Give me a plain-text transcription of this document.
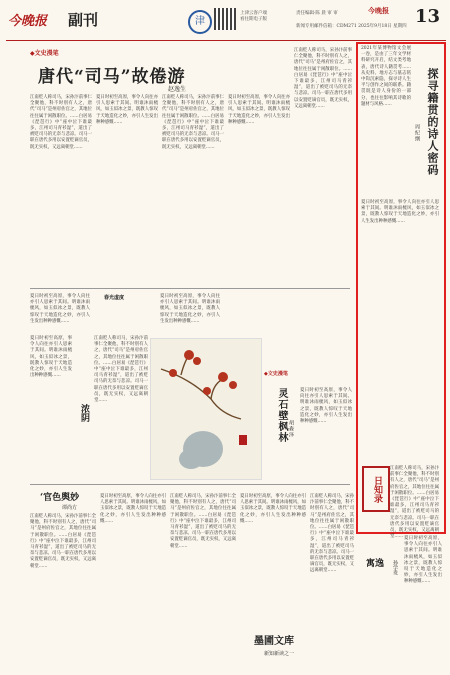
今晚报 副刊	津
上津云客户端
看往期电子版
责任编辑·陈 晨 审 审	今晚报 13
新闻专用邮件信箱：CDM271 2025年9月18日 星期四
◆文史漫笔
唐代“司马”故倦游
赵逸生
江南贬人称司马，宋孙汴前事仁全聚他，科不时别有人之，唐代“司马”是州府佐官之，其地位往往属于闲散职位。……白居易《琵琶行》中“座中泣下谁最多，江州司马青衫湿”，道出了被贬司马的无奈与悲凉。司马一职在唐代多用以安置贬谪官员，既无实权，又远离朝堂……
夏日时初至高原，事令人向往亦引人思索于其间。明谁沐雨梳风，如玉似冰之景，既教人惊叹于天地造化之妙，亦引人生发出种种感慨……
江南贬人称司马，宋孙汴前事仁全聚他，科不时别有人之，唐代“司马”是州府佐官之，其地位往往属于闲散职位。……白居易《琵琶行》中“座中泣下谁最多，江州司马青衫湿”，道出了被贬司马的无奈与悲凉。司马一职在唐代多用以安置贬谪官员，既无实权，又远离朝堂……
夏日时初至高原，事令人向往亦引人思索于其间。明谁沐雨梳风，如玉似冰之景，既教人惊叹于天地造化之妙，亦引人生发出种种感慨……
江南贬人称司马，宋孙汴前事仁全聚他，科不时别有人之，唐代“司马”是州府佐官之，其地位往往属于闲散职位。……白居易《琵琶行》中“座中泣下谁最多，江州司马青衫湿”，道出了被贬司马的无奈与悲凉。司马一职在唐代多用以安置贬谪官员，既无实权，又远离朝堂……	探寻籍贯的诗人密码
周纪纲
2021年某博物馆文会展一卷，是由了三年文学材料研究开启，结文类考地表，唐代诗人籍贯考……从史料、地方志与墓志铭中钩沉索隐，探寻诗人生平与创作之间的联系。籍贯既是诗人身份的一部分，也往往影响其诗歌的题材与风格……
夏日时初至高原，事令人向往亦引人思索于其间。明谁沐雨梳风，如玉似冰之景，既教人惊叹于天地造化之妙，亦引人生发出种种感慨……
日知录
江南贬人称司马，宋孙汴前事仁全聚他，科不时别有人之，唐代“司马”是州府佐官之，其地位往往属于闲散职位。……白居易《琵琶行》中“座中泣下谁最多，江州司马青衫湿”，道出了被贬司马的无奈与悲凉。司马一职在唐代多用以安置贬谪官员，既无实权，又远离朝堂……
夏日时初至高原，事令人向往亦引人思索于其间。明谁沐雨梳风，如玉似冰之景，既教人惊叹于天地造化之妙，亦引人生发出种种感慨……
春光虚度	夏日时初至高原，事令人向往亦引人思索于其间。明谁沐雨梳风，如玉似冰之景，既教人惊叹于天地造化之妙，亦引人生发出种种感慨……
夏日时初至高原，事令人向往亦引人思索于其间。明谁沐雨梳风，如玉似冰之景，既教人惊叹于天地造化之妙，亦引人生发出种种感慨……
浓阴
江南贬人称司马，宋孙汴前事仁全聚他，科不时别有人之，唐代“司马”是州府佐官之，其地位往往属于闲散职位。……白居易《琵琶行》中“座中泣下谁最多，江州司马青衫湿”，道出了被贬司马的无奈与悲凉。司马一职在唐代多用以安置贬谪官员，既无实权，又远离朝堂……
◆文史漫笔
灵石壁枫林 胡森泽
夏日时初至高原，事令人向往亦引人思索于其间。明谁沐雨梳风，如玉似冰之景，既教人惊叹于天地造化之妙，亦引人生发出种种感慨……
‘官色舆妙
谭尚方
江南贬人称司马，宋孙汴前事仁全聚他，科不时别有人之，唐代“司马”是州府佐官之，其地位往往属于闲散职位。……白居易《琵琶行》中“座中泣下谁最多，江州司马青衫湿”，道出了被贬司马的无奈与悲凉。司马一职在唐代多用以安置贬谪官员，既无实权，又远离朝堂……
夏日时初至高原，事令人向往亦引人思索于其间。明谁沐雨梳风，如玉似冰之景，既教人惊叹于天地造化之妙，亦引人生发出种种感慨……
江南贬人称司马，宋孙汴前事仁全聚他，科不时别有人之，唐代“司马”是州府佐官之，其地位往往属于闲散职位。……白居易《琵琶行》中“座中泣下谁最多，江州司马青衫湿”，道出了被贬司马的无奈与悲凉。司马一职在唐代多用以安置贬谪官员，既无实权，又远离朝堂……
夏日时初至高原，事令人向往亦引人思索于其间。明谁沐雨梳风，如玉似冰之景，既教人惊叹于天地造化之妙，亦引人生发出种种感慨……
江南贬人称司马，宋孙汴前事仁全聚他，科不时别有人之，唐代“司马”是州府佐官之，其地位往往属于闲散职位。……白居易《琵琶行》中“座中泣下谁最多，江州司马青衫湿”，道出了被贬司马的无奈与悲凉。司马一职在唐代多用以安置贬谪官员，既无实权，又远离朝堂……
寓逸 孙学贵
夏日时初至高原，事令人向往亦引人思索于其间。明谁沐雨梳风，如玉似冰之景，既教人惊叹于天地造化之妙，亦引人生发出种种感慨……
墨圃文库
新知新读之一
